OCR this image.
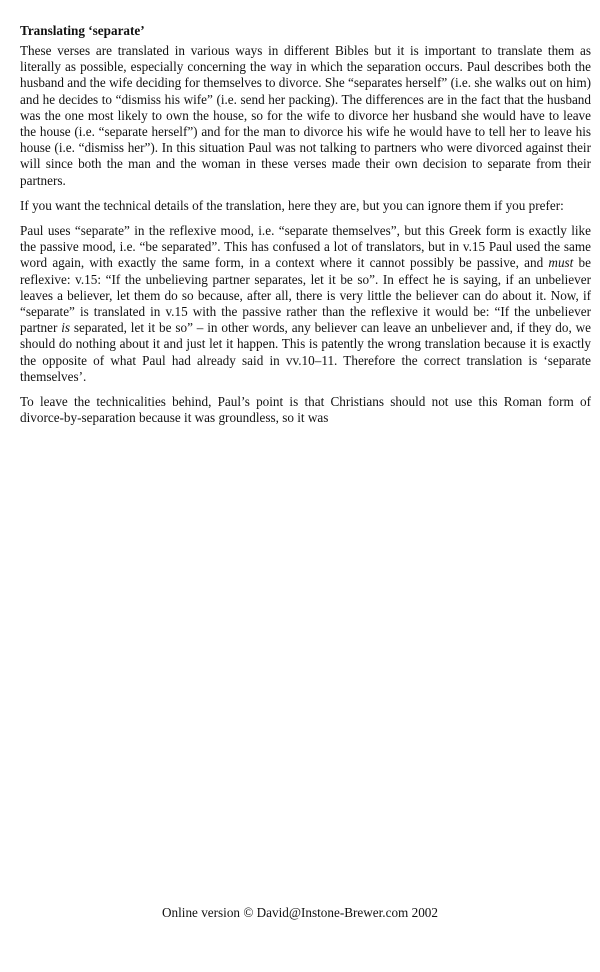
Translating ‘separate’

These verses are translated in various ways in different Bibles but it is important to translate them as literally as possible, especially concerning the way in which the separation occurs. Paul describes both the husband and the wife deciding for themselves to divorce. She “separates herself” (i.e. she walks out on him) and he decides to “dismiss his wife” (i.e. send her packing). The differences are in the fact that the husband was the one most likely to own the house, so for the wife to divorce her husband she would have to leave the house (i.e. “separate herself”) and for the man to divorce his wife he would have to tell her to leave his house (i.e. “dismiss her”). In this situation Paul was not talking to partners who were divorced against their will since both the man and the woman in these verses made their own decision to separate from their partners.

If you want the technical details of the translation, here they are, but you can ignore them if you prefer:

Paul uses “separate” in the reflexive mood, i.e. “separate themselves”, but this Greek form is exactly like the passive mood, i.e. “be separated”. This has confused a lot of translators, but in v.15 Paul used the same word again, with exactly the same form, in a context where it cannot possibly be passive, and must be reflexive: v.15: “If the unbelieving partner separates, let it be so”. In effect he is saying, if an unbeliever leaves a believer, let them do so because, after all, there is very little the believer can do about it. Now, if “separate” is translated in v.15 with the passive rather than the reflexive it would be: “If the unbeliever partner is separated, let it be so” – in other words, any believer can leave an unbeliever and, if they do, we should do nothing about it and just let it happen. This is patently the wrong translation because it is exactly the opposite of what Paul had already said in vv.10–11. Therefore the correct translation is ‘separate themselves’.

To leave the technicalities behind, Paul’s point is that Christians should not use this Roman form of divorce-by-separation because it was groundless, so it was

Online version © David@Instone-Brewer.com 2002
